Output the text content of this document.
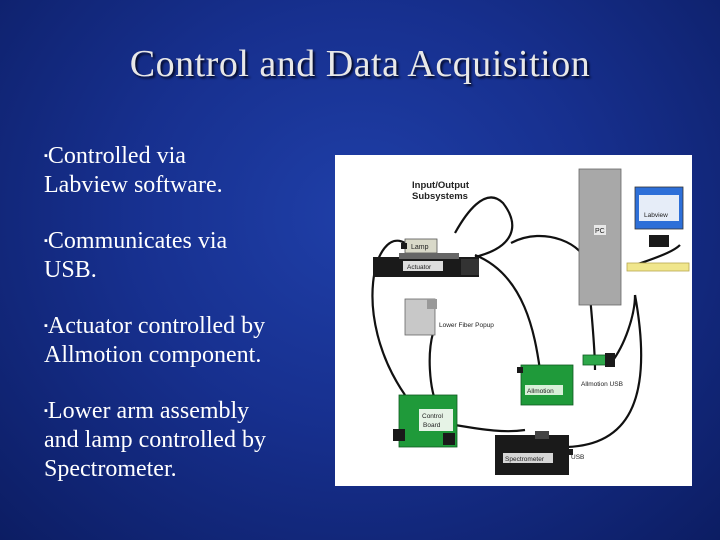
Control and Data Acquisition
▪Controlled via
Labview software.
▪Communicates via
USB.
▪Actuator controlled by
Allmotion component.
▪Lower arm assembly
and lamp controlled by
Spectrometer.
Input/Output
Subsystems
Lamp
Actuator
PC
Labview
Lower Fiber Popup
Allmotion
Allmotion USB
Control
Board
Spectrometer	USB
